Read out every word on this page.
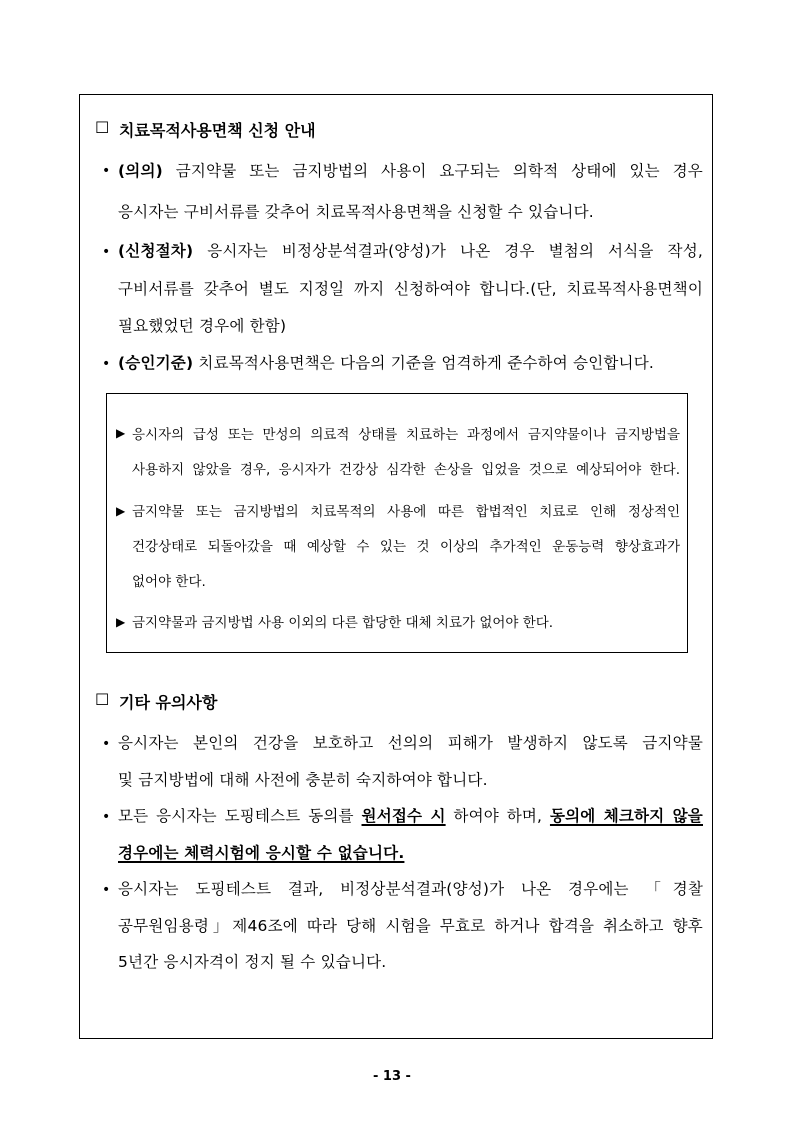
☐ 치료목적사용면책 신청 안내
• (의의) 금지약물 또는 금지방법의 사용이 요구되는 의학적 상태에 있는 경우
응시자는 구비서류를 갖추어 치료목적사용면책을 신청할 수 있습니다.
• (신청절차) 응시자는 비정상분석결과(양성)가 나온 경우 별첨의 서식을 작성,
구비서류를 갖추어 별도 지정일 까지 신청하여야 합니다.(단, 치료목적사용면책이
필요했었던 경우에 한함)
• (승인기준) 치료목적사용면책은 다음의 기준을 엄격하게 준수하여 승인합니다.
▶ 응시자의 급성 또는 만성의 의료적 상태를 치료하는 과정에서 금지약물이나 금지방법을
사용하지 않았을 경우, 응시자가 건강상 심각한 손상을 입었을 것으로 예상되어야 한다.
▶ 금지약물 또는 금지방법의 치료목적의 사용에 따른 합법적인 치료로 인해 정상적인
건강상태로 되돌아갔을 때 예상할 수 있는 것 이상의 추가적인 운동능력 향상효과가
없어야 한다.
▶ 금지약물과 금지방법 사용 이외의 다른 합당한 대체 치료가 없어야 한다.
☐ 기타 유의사항
• 응시자는 본인의 건강을 보호하고 선의의 피해가 발생하지 않도록 금지약물
및 금지방법에 대해 사전에 충분히 숙지하여야 합니다.
• 모든 응시자는 도핑테스트 동의를 원서접수 시 하여야 하며, 동의에 체크하지 않을
경우에는 체력시험에 응시할 수 없습니다.
• 응시자는 도핑테스트 결과, 비정상분석결과(양성)가 나온 경우에는 「경찰
공무원임용령」제46조에 따라 당해 시험을 무효로 하거나 합격을 취소하고 향후
5년간 응시자격이 정지 될 수 있습니다.
- 13 -
